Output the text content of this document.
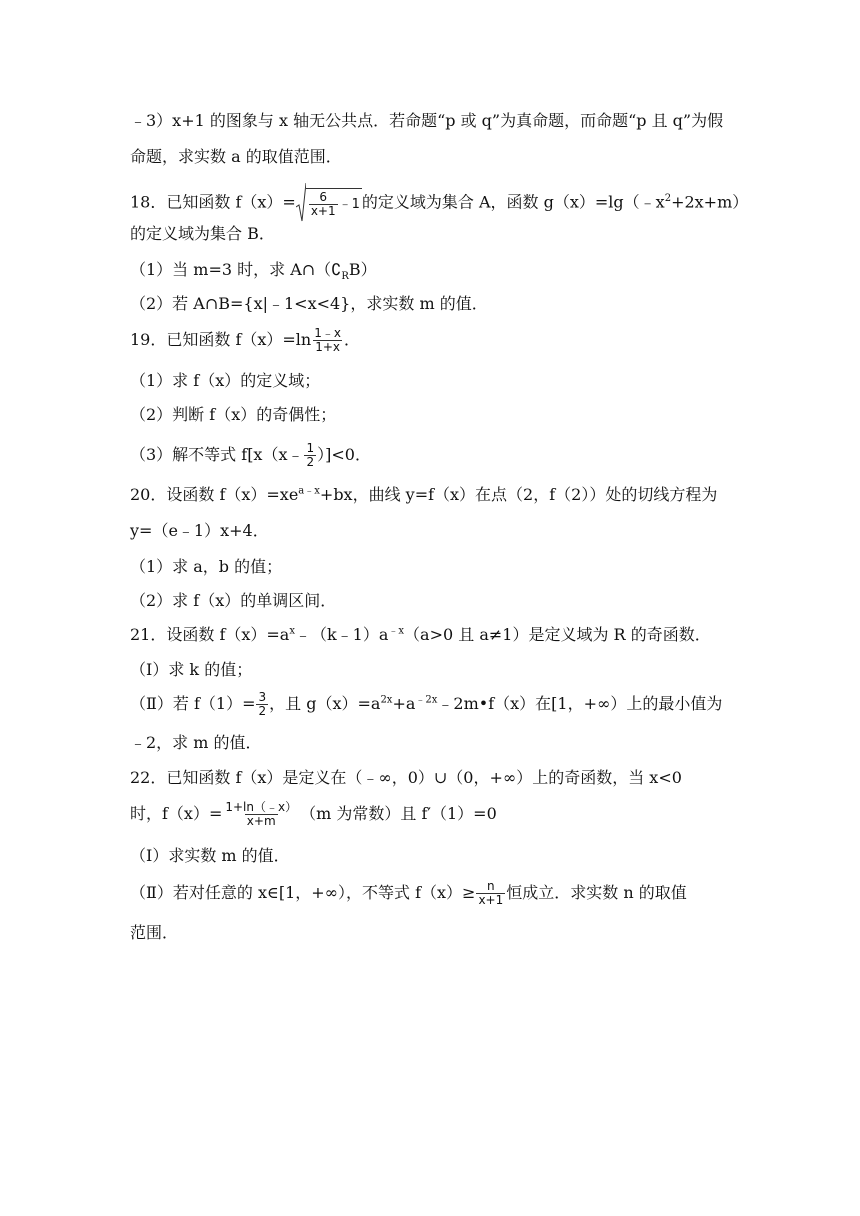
﹣3）x+1 的图象与 x 轴无公共点．若命题“p 或 q”为真命题，而命题“p 且 q”为假
命题，求实数 a 的取值范围．
18．已知函数 $f(x)= \frac{6}{x+1}$ ﹣1 的定义域为集合 A，函数 $g(x)=\lg(﹣x^2+2x+m)$
的定义域为集合 B．
（1）当 m=3 时，求 $A\cap(∁_RB)$
（2）若 A∩B={x|﹣1<x<4}，求实数 m 的值．
19．已知函数 $f(x)=\ln \frac{1﹣x}{1+x}$ ．
（1）求 f（x）的定义域；
（2）判断 f（x）的奇偶性；
（3）解不等式 f[x（x﹣ $\frac{1}{2} )]<0$．
20．设函数 $f(x)=xe^{a﹣x}+bx$，曲线 y=f（x）在点（2，f（2））处的切线方程为
y=（e﹣1）x+4．
（1）求 a，b 的值；
（2）求 f（x）的单调区间．
21．设函数 $f(x)=a^x﹣(k﹣1)a^{﹣x}(a>0$ 且 a≠1）是定义域为 R 的奇函数．
（Ⅰ）求 k 的值；
（Ⅱ）若 $f(1)= \frac{3}{2}$ ，且 $g(x)=a^{2x}+a^{﹣2x}﹣2m•f(x)$在[1，+∞）上的最小值为
﹣2，求 m 的值．
22．已知函数 f（x）是定义在（﹣∞，0）∪（0，+∞）上的奇函数，当 x<0
时，$f(x)= \frac{1+\ln(﹣x)}{x+m} (m$ 为常数）且 f′（1）=0
（Ⅰ）求实数 m 的值．
（Ⅱ）若对任意的 x∈[1，+∞），不等式 $f(x)\ge \frac{n}{x+1}$ 恒成立．求实数 n 的取值
范围．
